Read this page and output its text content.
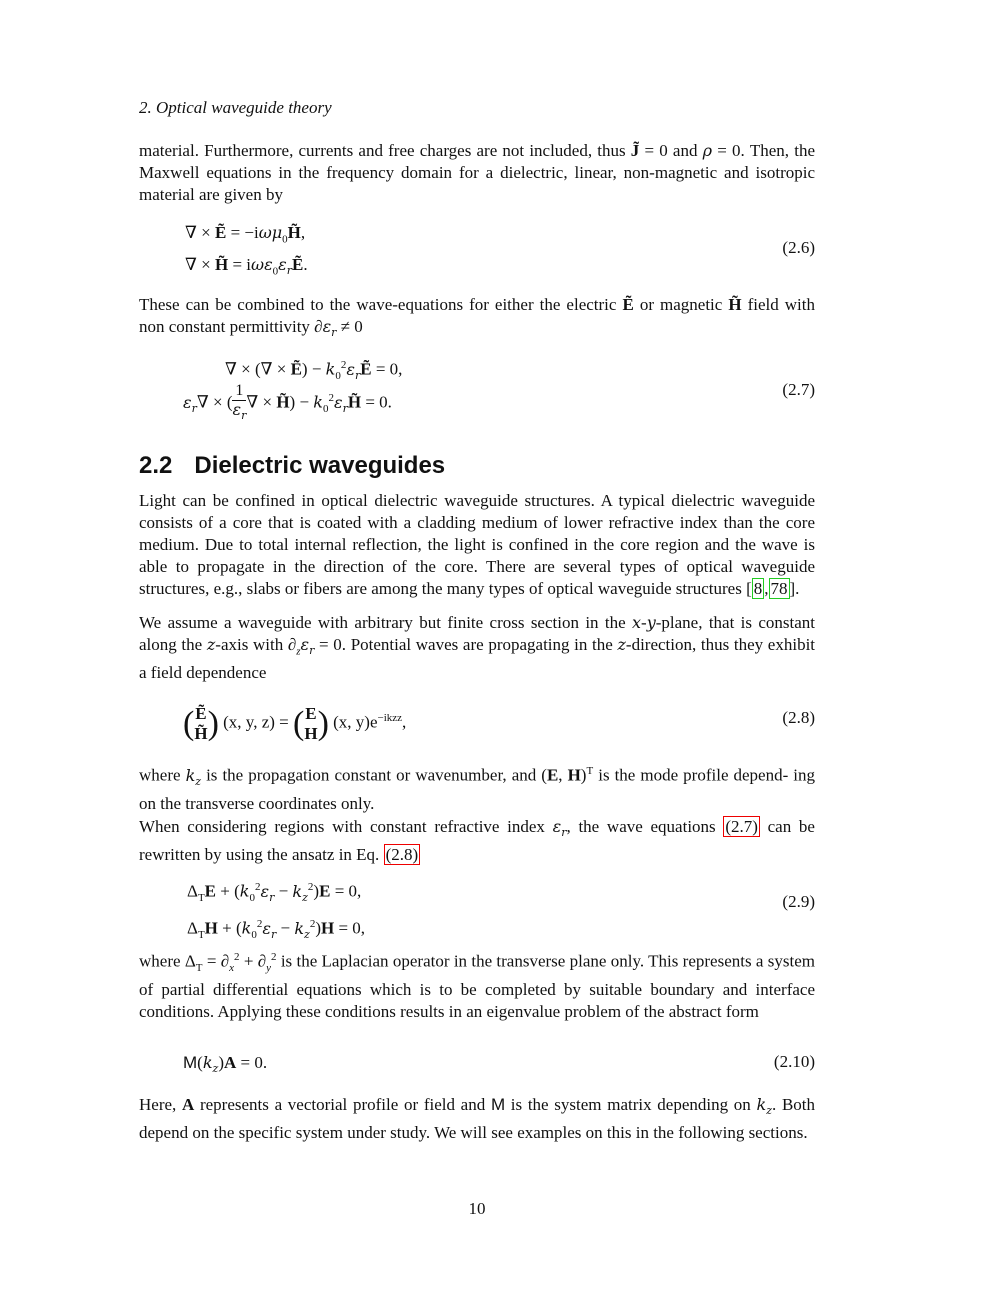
2. Optical waveguide theory
material. Furthermore, currents and free charges are not included, thus J̃ = 0 and ρ = 0. Then, the Maxwell equations in the frequency domain for a dielectric, linear, non-magnetic and isotropic material are given by
∇ × Ẽ = −iωμ$_0$H̃,
∇ × H̃ = $i\omega\varepsilon_0\varepsilon_rẼ$.
(2.6)
These can be combined to the wave-equations for either the electric Ẽ or magnetic H̃ field with non constant permittivity $\partial\varepsilon_r \ne 0$
∇ × (∇ × Ẽ) − $k_0^2\varepsilon_rẼ = 0$,
$\varepsilon_r\nabla$ × ( $\frac{1}{\varepsilon_r}\nabla$ × H̃) − $k_0^2\varepsilon_rH̃ = 0$.
(2.7)
2.2 Dielectric waveguides
Light can be confined in optical dielectric waveguide structures. A typical dielectric waveguide consists of a core that is coated with a cladding medium of lower refractive index than the core medium. Due to total internal reflection, the light is confined in the core region and the wave is able to propagate in the direction of the core. There are several types of optical waveguide structures, e.g., slabs or fibers are among the many types of optical waveguide structures [ 8 , 78 ].
We assume a waveguide with arbitrary but finite cross section in the x-y-plane, that is constant along the z-axis with $\partial_z\varepsilon_r = 0$. Potential waves are propagating in the z-direction, thus they exhibit a field dependence
(Ẽ
H̃) (x, y, z) = (E
H) (x, $y)e^{-ikzz}$,	(2.8)
where $k_z$ is the propagation constant or wavenumber, and (E, H)$^T$ is the mode profile depend- ing on the transverse coordinates only.
When considering regions with constant refractive index $\varepsilon_r$, the wave equations (2.7) can be rewritten by using the ansatz in Eq. (2.8)
$\Delta_TE + (k_0^2\varepsilon_r - k_z^2)E = 0$,
$\Delta_TH + (k_0^2\varepsilon_r - k_z^2)H = 0$,
(2.9)
where $\Delta_T = \partial_x^2 + \partial_y^2$ is the Laplacian operator in the transverse plane only. This represents a system of partial differential equations which is to be completed by suitable boundary and interface conditions. Applying these conditions results in an eigenvalue problem of the abstract form
$M(k_z)A = 0$.	(2.10)
Here, A represents a vectorial profile or field and M is the system matrix depending on $k_z$. Both depend on the specific system under study. We will see examples on this in the following sections.
10
